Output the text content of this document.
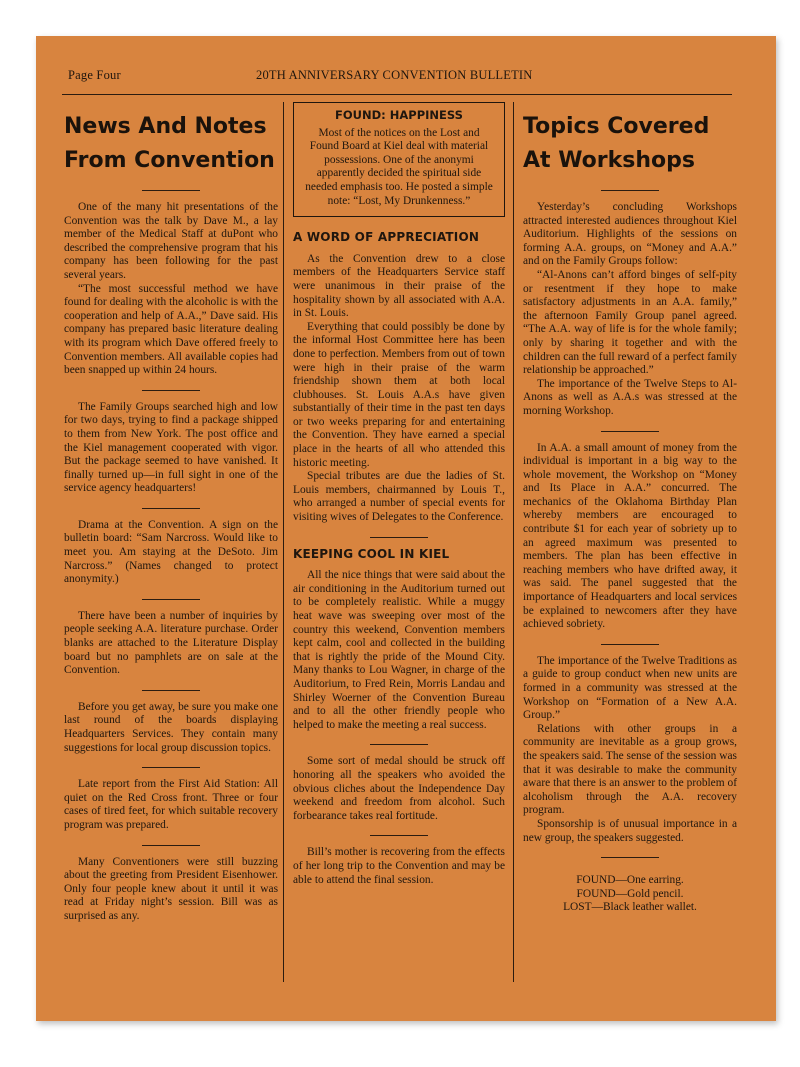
Page Four	20TH ANNIVERSARY CONVENTION BULLETIN
News And Notes
From Convention

One of the many hit presentations of the Convention was the talk by Dave M., a lay member of the Medical Staff at duPont who described the comprehensive program that his company has been following for the past several years.

“The most successful method we have found for dealing with the alcoholic is with the cooperation and help of A.A.,” Dave said. His company has prepared basic literature dealing with its program which Dave offered freely to Convention members. All available copies had been snapped up within 24 hours.

The Family Groups searched high and low for two days, trying to find a package shipped to them from New York. The post office and the Kiel management cooperated with vigor. But the package seemed to have vanished. It finally turned up—in full sight in one of the service agency headquarters!

Drama at the Convention. A sign on the bulletin board: “Sam Narcross. Would like to meet you. Am staying at the DeSoto. Jim Narcross.” (Names changed to protect anonymity.)

There have been a number of inquiries by people seeking A.A. literature purchase. Order blanks are attached to the Literature Display board but no pamphlets are on sale at the Convention.

Before you get away, be sure you make one last round of the boards displaying Headquarters Services. They contain many suggestions for local group discussion topics.

Late report from the First Aid Station: All quiet on the Red Cross front. Three or four cases of tired feet, for which suitable recovery program was prepared.

Many Conventioners were still buzzing about the greeting from President Eisenhower. Only four people knew about it until it was read at Friday night’s session. Bill was as surprised as any.

FOUND: HAPPINESS

Most of the notices on the Lost and Found Board at Kiel deal with material possessions. One of the anonymi apparently decided the spiritual side needed emphasis too. He posted a simple note: “Lost, My Drunkenness.”

A WORD OF APPRECIATION

As the Convention drew to a close members of the Headquarters Service staff were unanimous in their praise of the hospitality shown by all associated with A.A. in St. Louis.

Everything that could possibly be done by the informal Host Committee here has been done to perfection. Members from out of town were high in their praise of the warm friendship shown them at both local clubhouses. St. Louis A.A.s have given substantially of their time in the past ten days or two weeks preparing for and entertaining the Convention. They have earned a special place in the hearts of all who attended this historic meeting.

Special tributes are due the ladies of St. Louis members, chairmanned by Louis T., who arranged a number of special events for visiting wives of Delegates to the Conference.

KEEPING COOL IN KIEL

All the nice things that were said about the air conditioning in the Auditorium turned out to be completely realistic. While a muggy heat wave was sweeping over most of the country this weekend, Convention members kept calm, cool and collected in the building that is rightly the pride of the Mound City. Many thanks to Lou Wagner, in charge of the Auditorium, to Fred Rein, Morris Landau and Shirley Woerner of the Convention Bureau and to all the other friendly people who helped to make the meeting a real success.

Some sort of medal should be struck off honoring all the speakers who avoided the obvious cliches about the Independence Day weekend and freedom from alcohol. Such forbearance takes real fortitude.

Bill’s mother is recovering from the effects of her long trip to the Convention and may be able to attend the final session.

Topics Covered
At Workshops

Yesterday’s concluding Workshops attracted interested audiences throughout Kiel Auditorium. Highlights of the sessions on forming A.A. groups, on “Money and A.A.” and on the Family Groups follow:

“Al-Anons can’t afford binges of self-pity or resentment if they hope to make satisfactory adjustments in an A.A. family,” the afternoon Family Group panel agreed. “The A.A. way of life is for the whole family; only by sharing it together and with the children can the full reward of a perfect family relationship be approached.”

The importance of the Twelve Steps to Al-Anons as well as A.A.s was stressed at the morning Workshop.

In A.A. a small amount of money from the individual is important in a big way to the whole movement, the Workshop on “Money and Its Place in A.A.” concurred. The mechanics of the Oklahoma Birthday Plan whereby members are encouraged to contribute $1 for each year of sobriety up to an agreed maximum was presented to members. The plan has been effective in reaching members who have drifted away, it was said. The panel suggested that the importance of Headquarters and local services be explained to newcomers after they have achieved sobriety.

The importance of the Twelve Traditions as a guide to group conduct when new units are formed in a community was stressed at the Workshop on “Formation of a New A.A. Group.”

Relations with other groups in a community are inevitable as a group grows, the speakers said. The sense of the session was that it was desirable to make the community aware that there is an answer to the problem of alcoholism through the A.A. recovery program.

Sponsorship is of unusual importance in a new group, the speakers suggested.

FOUND—One earring.

FOUND—Gold pencil.

LOST—Black leather wallet.
